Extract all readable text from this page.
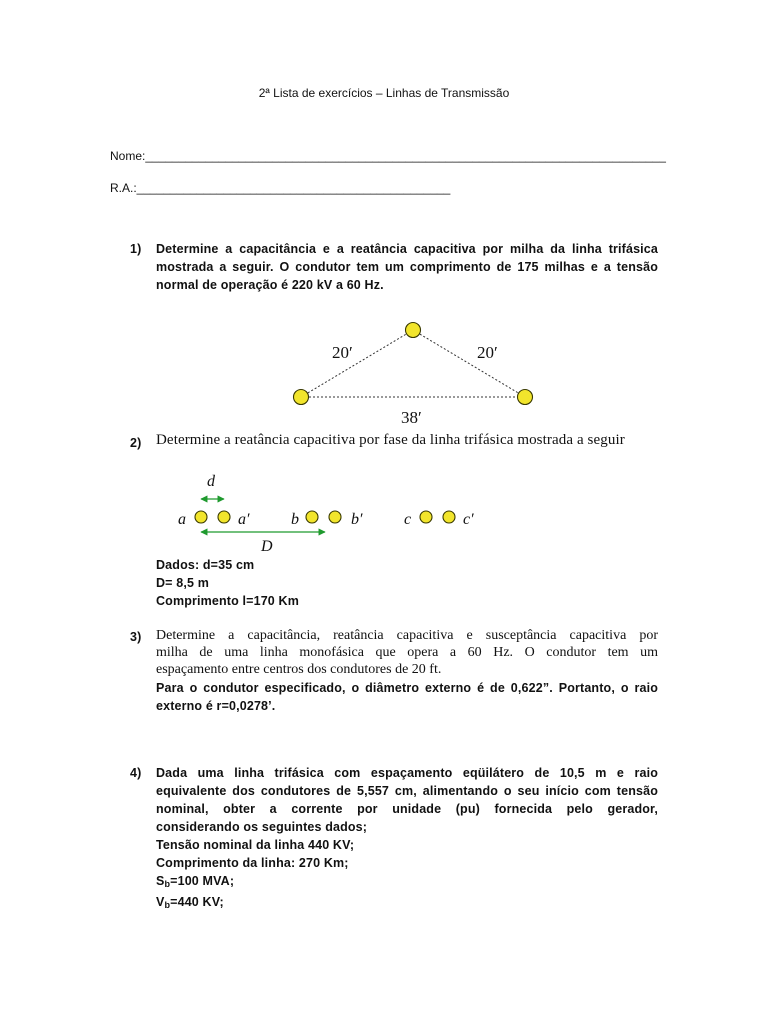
2ª Lista de exercícios – Linhas de Transmissão
Nome:______________________________________________________________________________
R.A.:_______________________________________________
1)	Determine a capacitância e a reatância capacitiva por milha da linha trifásica
mostrada a seguir. O condutor tem um comprimento de 175 milhas e a tensão
normal de operação é 220 kV a 60 Hz.
20′	20′
38′
2) Determine a reatância capacitiva por fase da linha trifásica mostrada a seguir
d
a	a′	b	b′	c	c′
D
Dados: d=35 cm
D= 8,5 m
Comprimento l=170 Km
3)	Determine a capacitância, reatância capacitiva e susceptância capacitiva por
milha de uma linha monofásica que opera a 60 Hz. O condutor tem um
espaçamento entre centros dos condutores de 20 ft.
Para o condutor especificado, o diâmetro externo é de 0,622”. Portanto, o raio
externo é r=0,0278’.
4)	Dada uma linha trifásica com espaçamento eqüilátero de 10,5 m e raio
equivalente dos condutores de 5,557 cm, alimentando o seu início com tensão
nominal, obter a corrente por unidade (pu) fornecida pelo gerador,
considerando os seguintes dados;
Tensão nominal da linha 440 KV;
Comprimento da linha: 270 Km;
$S_b=100$ MVA;
$V_b=440$ KV;
